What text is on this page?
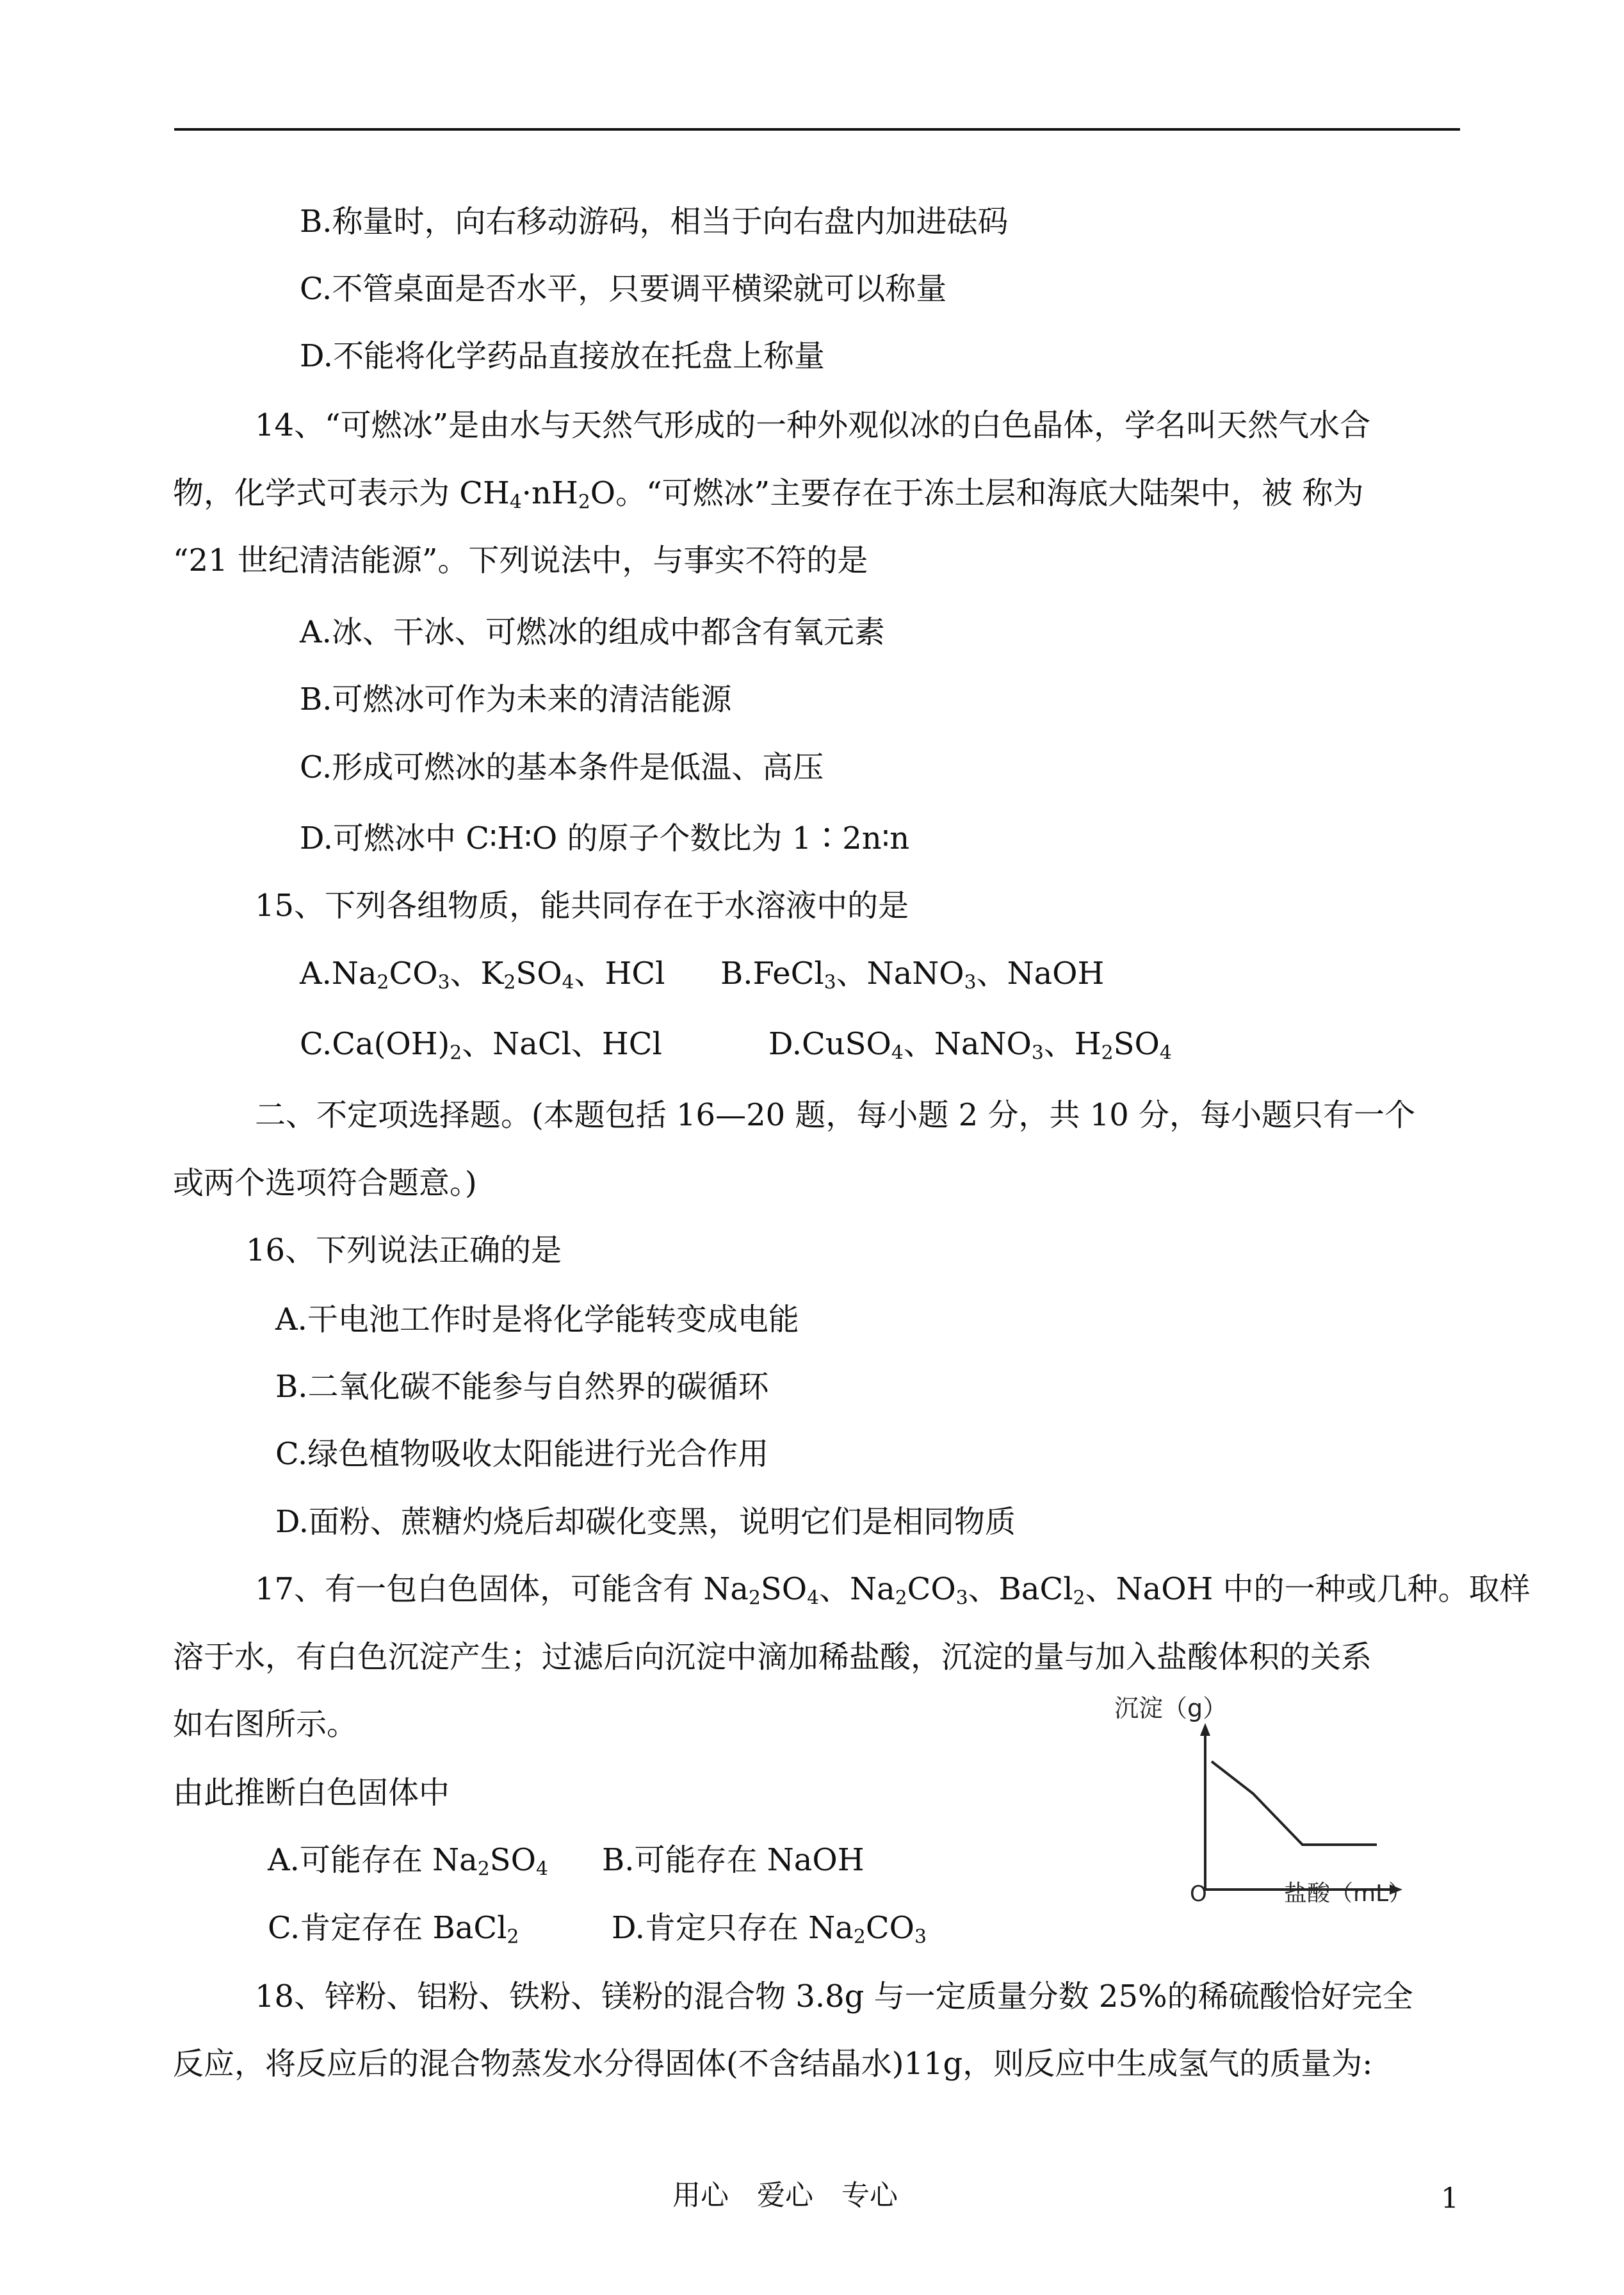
B.称量时，向右移动游码，相当于向右盘内加进砝码
C.不管桌面是否水平，只要调平横梁就可以称量
D.不能将化学药品直接放在托盘上称量
14、“可燃冰”是由水与天然气形成的一种外观似冰的白色晶体，学名叫天然气水合
物，化学式可表示为 $CH_4\cdot nH_2O$。“可燃冰”主要存在于冻土层和海底大陆架中，被 称为
“21 世纪清洁能源”。下列说法中，与事实不符的是
A.冰、干冰、可燃冰的组成中都含有氧元素
B.可燃冰可作为未来的清洁能源
C.形成可燃冰的基本条件是低温、高压
D.可燃冰中 C∶H∶O 的原子个数比为 1∶2n∶n
15、下列各组物质，能共同存在于水溶液中的是
$A.Na_2CO_3$、$K_2SO_4$、HCl B.FeCl$_3$、NaNO$_3$、NaOH
$C.Ca(OH)_2$、NaCl、HCl	D.CuSO$_4$、NaNO$_3$、$H_2SO_4$
二、不定项选择题。(本题包括 16—20 题，每小题 2 分，共 10 分，每小题只有一个
或两个选项符合题意。)
16、下列说法正确的是
A.干电池工作时是将化学能转变成电能
B.二氧化碳不能参与自然界的碳循环
C.绿色植物吸收太阳能进行光合作用
D.面粉、蔗糖灼烧后却碳化变黑，说明它们是相同物质
17、有一包白色固体，可能含有 $Na_2SO_4$、$Na_2CO_3$、BaCl$_2$、NaOH 中的一种或几种。取样
溶于水，有白色沉淀产生；过滤后向沉淀中滴加稀盐酸，沉淀的量与加入盐酸体积的关系
如右图所示。
由此推断白色固体中
A.可能存在 $Na_2SO_4$ B.可能存在 NaOH
C.肯定存在 BaCl$_2$	D.肯定只存在 $Na_2CO_3$
沉淀（g）
O	盐酸（mL）
18、锌粉、铝粉、铁粉、镁粉的混合物 3.8g 与一定质量分数 25%的稀硫酸恰好完全
反应，将反应后的混合物蒸发水分得固体(不含结晶水)11g，则反应中生成氢气的质量为:
用心　爱心　专心	1
